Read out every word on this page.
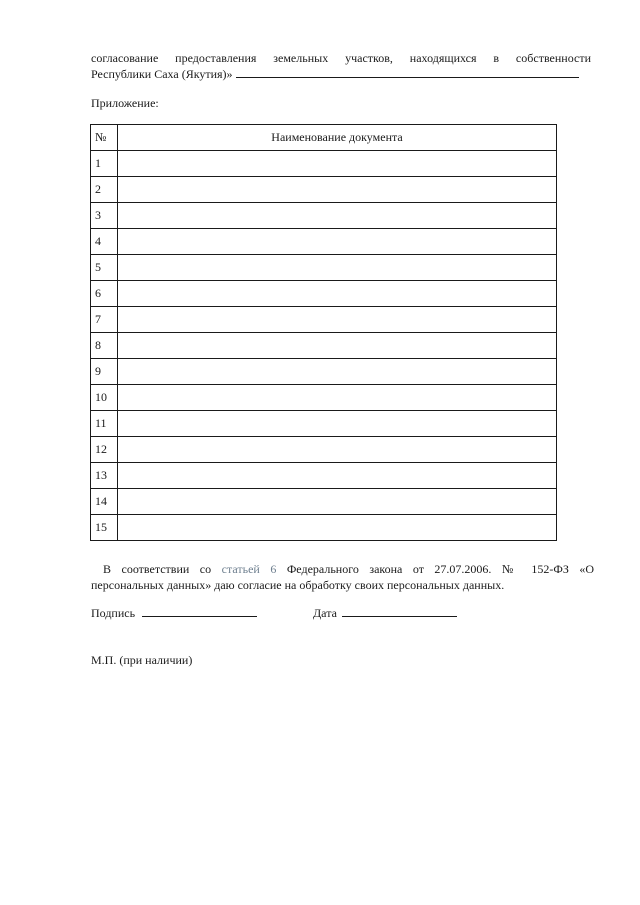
согласование предоставления земельных участков, находящихся в собственности
Республики Саха (Якутия)»
Приложение:
№	Наименование документа
1	
2	
3	
4	
5	
6	
7	
8	
9	
10	
11	
12	
13	
14	
15	
В соответствии со статьей 6 Федерального закона от 27.07.2006. № 152-ФЗ «О
персональных данных» даю согласие на обработку своих персональных данных.
Подпись	Дата
М.П. (при наличии)
